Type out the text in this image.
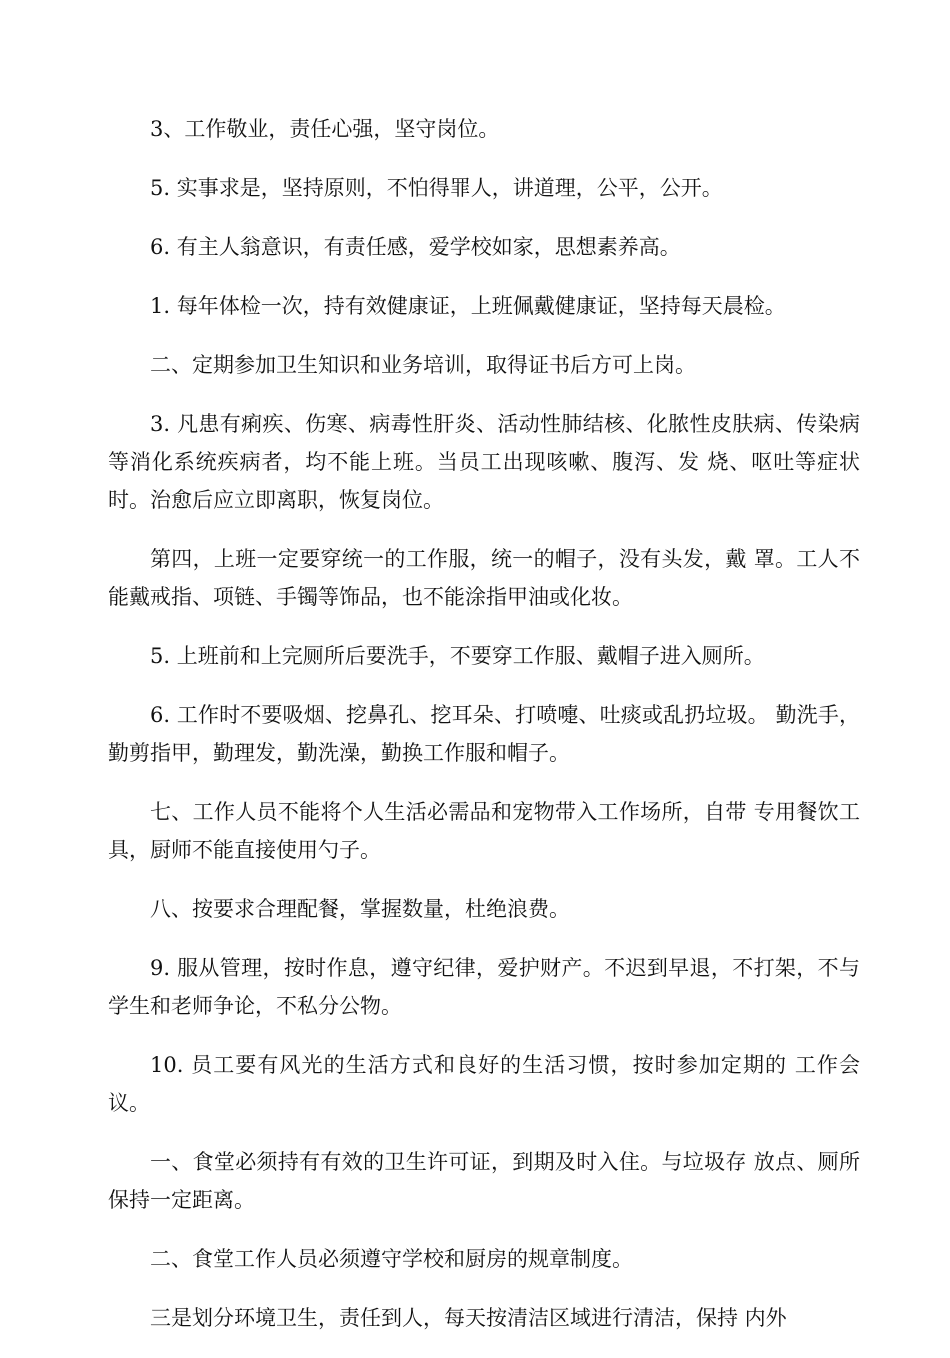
3、工作敬业，责任心强，坚守岗位。

5. 实事求是，坚持原则，不怕得罪人，讲道理，公平，公开。

6. 有主人翁意识，有责任感，爱学校如家，思想素养高。

1. 每年体检一次，持有效健康证，上班佩戴健康证，坚持每天晨检。

二、定期参加卫生知识和业务培训，取得证书后方可上岗。

3. 凡患有痢疾、伤寒、病毒性肝炎、活动性肺结核、化脓性皮肤病、传染病等消化系统疾病者，均不能上班。当员工出现咳嗽、腹泻、发 烧、呕吐等症状时。治愈后应立即离职，恢复岗位。

第四，上班一定要穿统一的工作服，统一的帽子，没有头发，戴 罩。工人不能戴戒指、项链、手镯等饰品，也不能涂指甲油或化妆。

5. 上班前和上完厕所后要洗手，不要穿工作服、戴帽子进入厕所。

6. 工作时不要吸烟、挖鼻孔、挖耳朵、打喷嚏、吐痰或乱扔垃圾。 勤洗手，勤剪指甲，勤理发，勤洗澡，勤换工作服和帽子。

七、工作人员不能将个人生活必需品和宠物带入工作场所，自带 专用餐饮工具，厨师不能直接使用勺子。

八、按要求合理配餐，掌握数量，杜绝浪费。

9. 服从管理，按时作息，遵守纪律，爱护财产。不迟到早退，不打架，不与学生和老师争论，不私分公物。

10. 员工要有风光的生活方式和良好的生活习惯，按时参加定期的 工作会议。

一、食堂必须持有有效的卫生许可证，到期及时入住。与垃圾存 放点、厕所保持一定距离。

二、食堂工作人员必须遵守学校和厨房的规章制度。

三是划分环境卫生，责任到人，每天按清洁区域进行清洁，保持 内外
